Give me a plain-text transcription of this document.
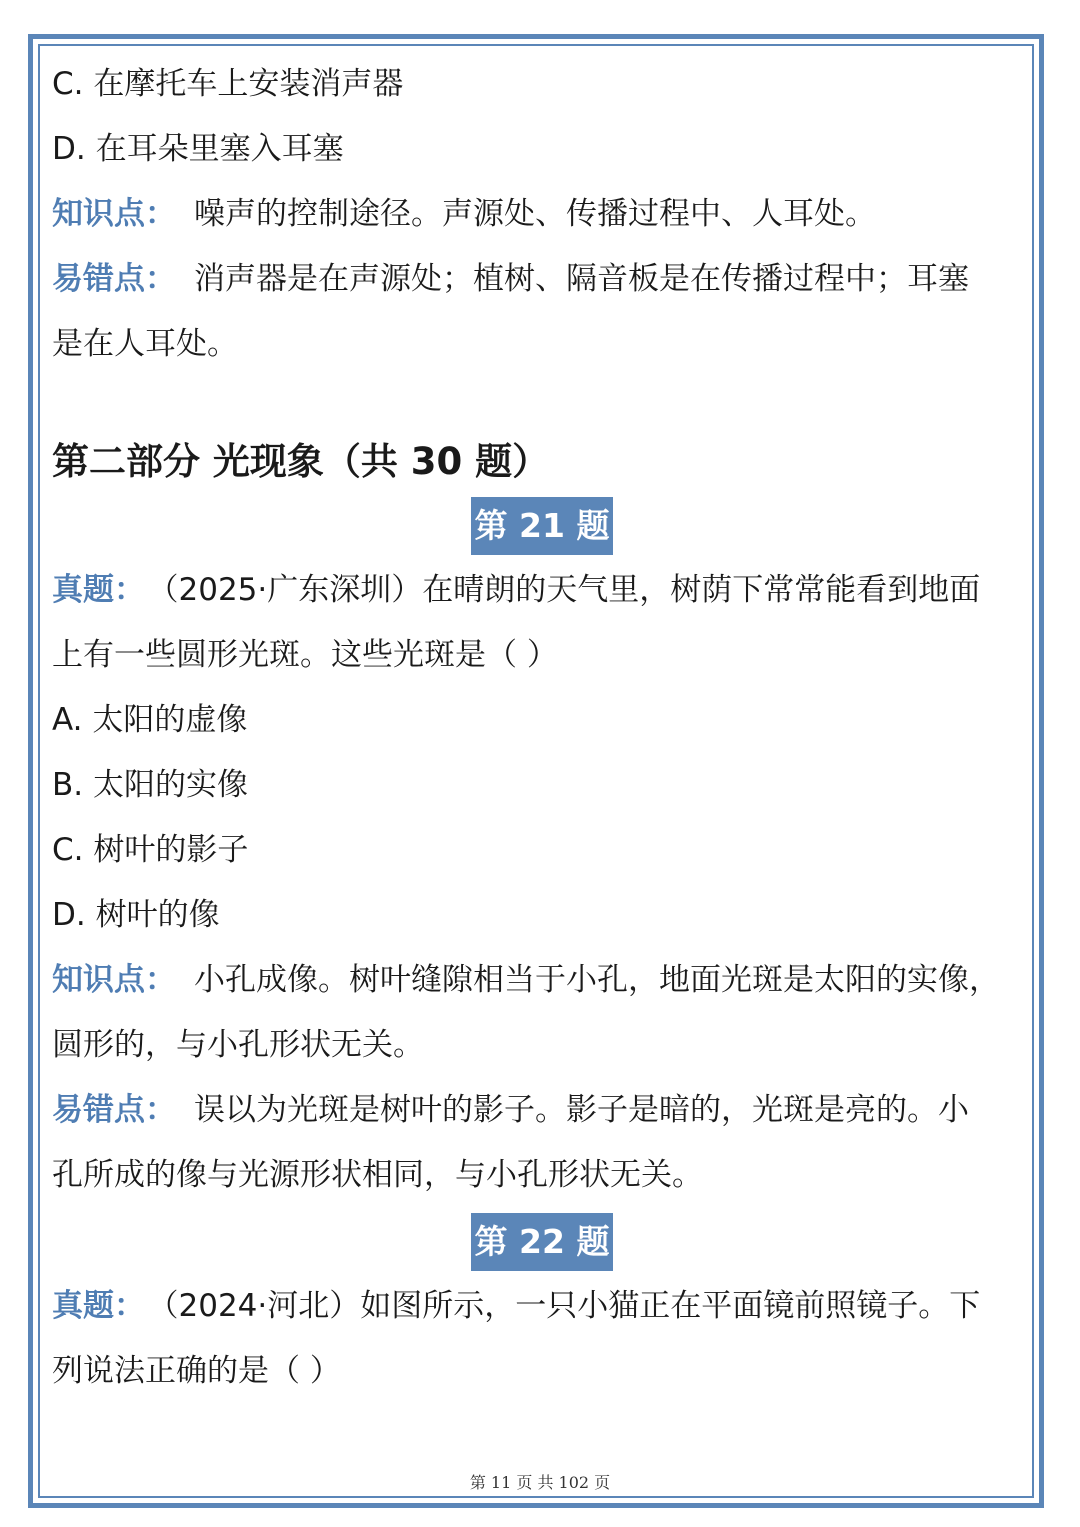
C. 在摩托车上安装消声器
D. 在耳朵里塞入耳塞
知识点： 噪声的控制途径。声源处、传播过程中、人耳处。
易错点： 消声器是在声源处；植树、隔音板是在传播过程中；耳塞
是在人耳处。
第二部分 光现象（共 30 题）
第 21 题
真题： （2025·广东深圳）在晴朗的天气里，树荫下常常能看到地面
上有一些圆形光斑。这些光斑是（ ）
A. 太阳的虚像
B. 太阳的实像
C. 树叶的影子
D. 树叶的像
知识点： 小孔成像。树叶缝隙相当于小孔，地面光斑是太阳的实像，
圆形的，与小孔形状无关。
易错点： 误以为光斑是树叶的影子。影子是暗的，光斑是亮的。小
孔所成的像与光源形状相同，与小孔形状无关。
第 22 题
真题： （2024·河北）如图所示，一只小猫正在平面镜前照镜子。下
列说法正确的是（ ）
第 11 页 共 102 页
